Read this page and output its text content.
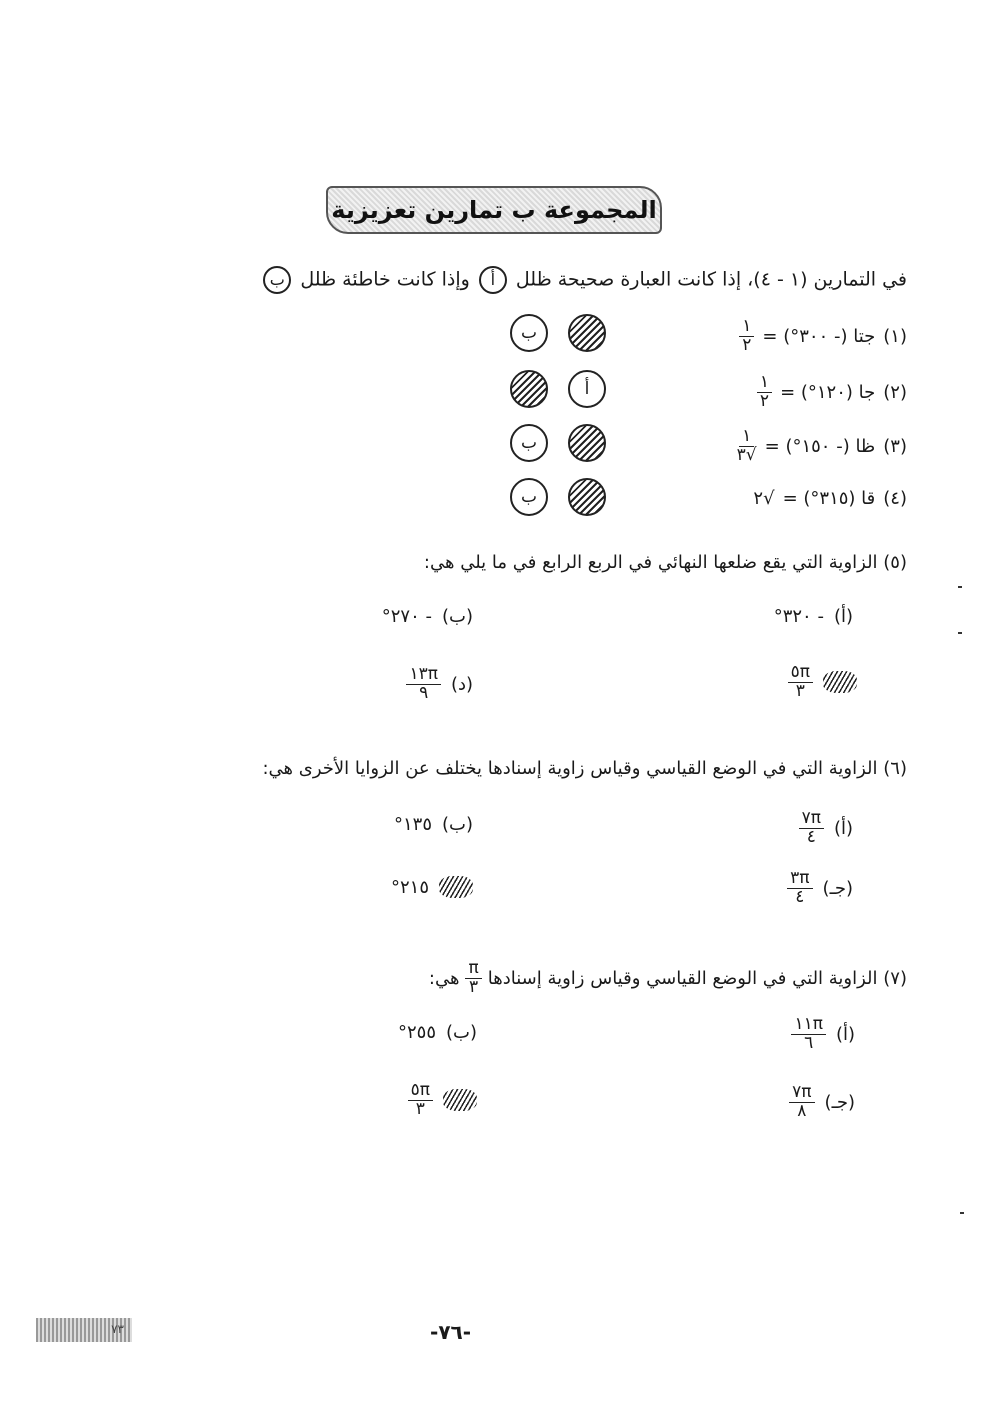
المجموعة ب تمارين تعزيزية
في التمارين (١ - ٤)، إذا كانت العبارة صحيحة ظلل أ وإذا كانت خاطئة ظلل ب
(١)
جتا (- ٣٠٠°) =
$\frac{١}{٢}$
ب
(٢)
جا (١٢٠°) =
$\frac{١}{٢}$
أ
(٣)
ظا (- ١٥٠°) =
$\frac{١}{√٣}$
ب
(٤)
قا (٣١٥°) =
√٢
ب
(٥) الزاوية التي يقع ضلعها النهائي في الربع الرابع في ما يلي هي:
(أ)
- ٣٢٠°
(ب)
- ٢٧٠°
$\frac{٥\pi}{٣}$
(د)
$\frac{١٣\pi}{٩}$
(٦) الزاوية التي في الوضع القياسي وقياس زاوية إسنادها يختلف عن الزوايا الأخرى هي:
(أ)
$\frac{٧\pi}{٤}$
(ب)
١٣٥°
(جـ)
$\frac{٣\pi}{٤}$
٢١٥°
(٧) الزاوية التي في الوضع القياسي وقياس زاوية إسنادها
$\frac{\pi}{٣}$
هي:
(أ)
$\frac{١١\pi}{٦}$
(ب)
٢٥٥°
(جـ)
$\frac{٧\pi}{٨}$
$\frac{٥\pi}{٣}$
٧٣	-٧٦-
